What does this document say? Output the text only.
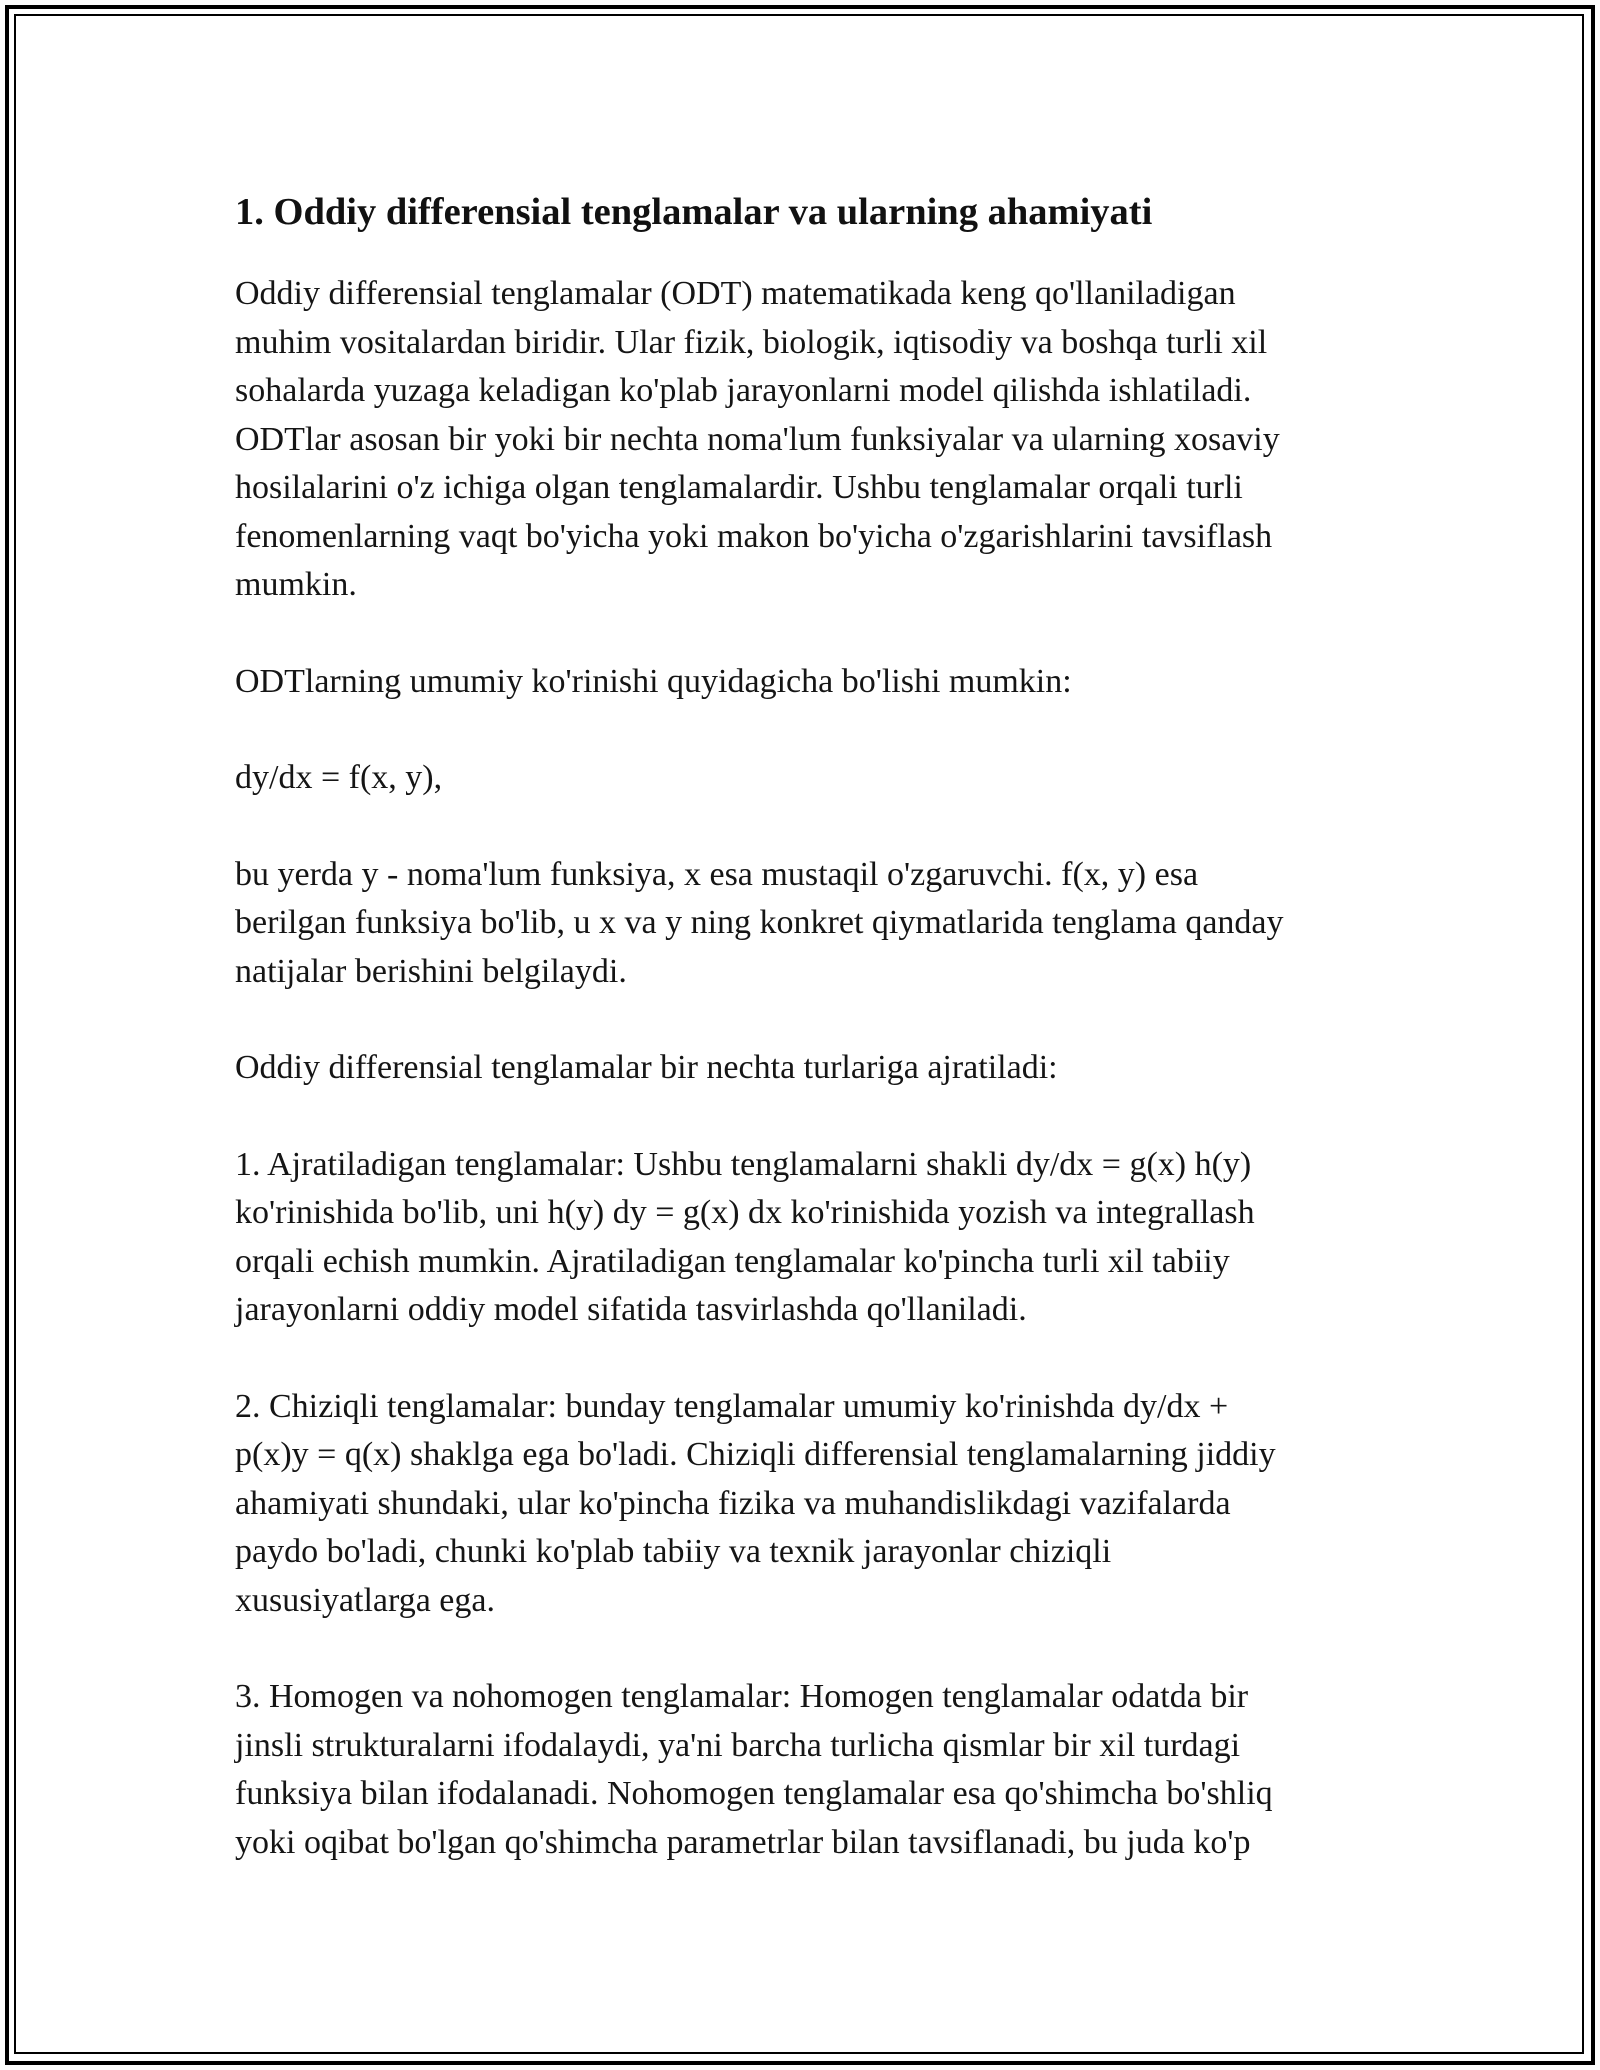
1. Oddiy differensial tenglamalar va ularning ahamiyati
Oddiy differensial tenglamalar (ODT) matematikada keng qo'llaniladigan
muhim vositalardan biridir. Ular fizik, biologik, iqtisodiy va boshqa turli xil
sohalarda yuzaga keladigan ko'plab jarayonlarni model qilishda ishlatiladi.
ODTlar asosan bir yoki bir nechta noma'lum funksiyalar va ularning xosaviy
hosilalarini o'z ichiga olgan tenglamalardir. Ushbu tenglamalar orqali turli
fenomenlarning vaqt bo'yicha yoki makon bo'yicha o'zgarishlarini tavsiflash
mumkin.
ODTlarning umumiy ko'rinishi quyidagicha bo'lishi mumkin:
dy/dx = f(x, y),
bu yerda y - noma'lum funksiya, x esa mustaqil o'zgaruvchi. f(x, y) esa
berilgan funksiya bo'lib, u x va y ning konkret qiymatlarida tenglama qanday
natijalar berishini belgilaydi.
Oddiy differensial tenglamalar bir nechta turlariga ajratiladi:
1. Ajratiladigan tenglamalar: Ushbu tenglamalarni shakli dy/dx = g(x) h(y)
ko'rinishida bo'lib, uni h(y) dy = g(x) dx ko'rinishida yozish va integrallash
orqali echish mumkin. Ajratiladigan tenglamalar ko'pincha turli xil tabiiy
jarayonlarni oddiy model sifatida tasvirlashda qo'llaniladi.
2. Chiziqli tenglamalar: bunday tenglamalar umumiy ko'rinishda dy/dx +
p(x)y = q(x) shaklga ega bo'ladi. Chiziqli differensial tenglamalarning jiddiy
ahamiyati shundaki, ular ko'pincha fizika va muhandislikdagi vazifalarda
paydo bo'ladi, chunki ko'plab tabiiy va texnik jarayonlar chiziqli
xususiyatlarga ega.
3. Homogen va nohomogen tenglamalar: Homogen tenglamalar odatda bir
jinsli strukturalarni ifodalaydi, ya'ni barcha turlicha qismlar bir xil turdagi
funksiya bilan ifodalanadi. Nohomogen tenglamalar esa qo'shimcha bo'shliq
yoki oqibat bo'lgan qo'shimcha parametrlar bilan tavsiflanadi, bu juda ko'p
